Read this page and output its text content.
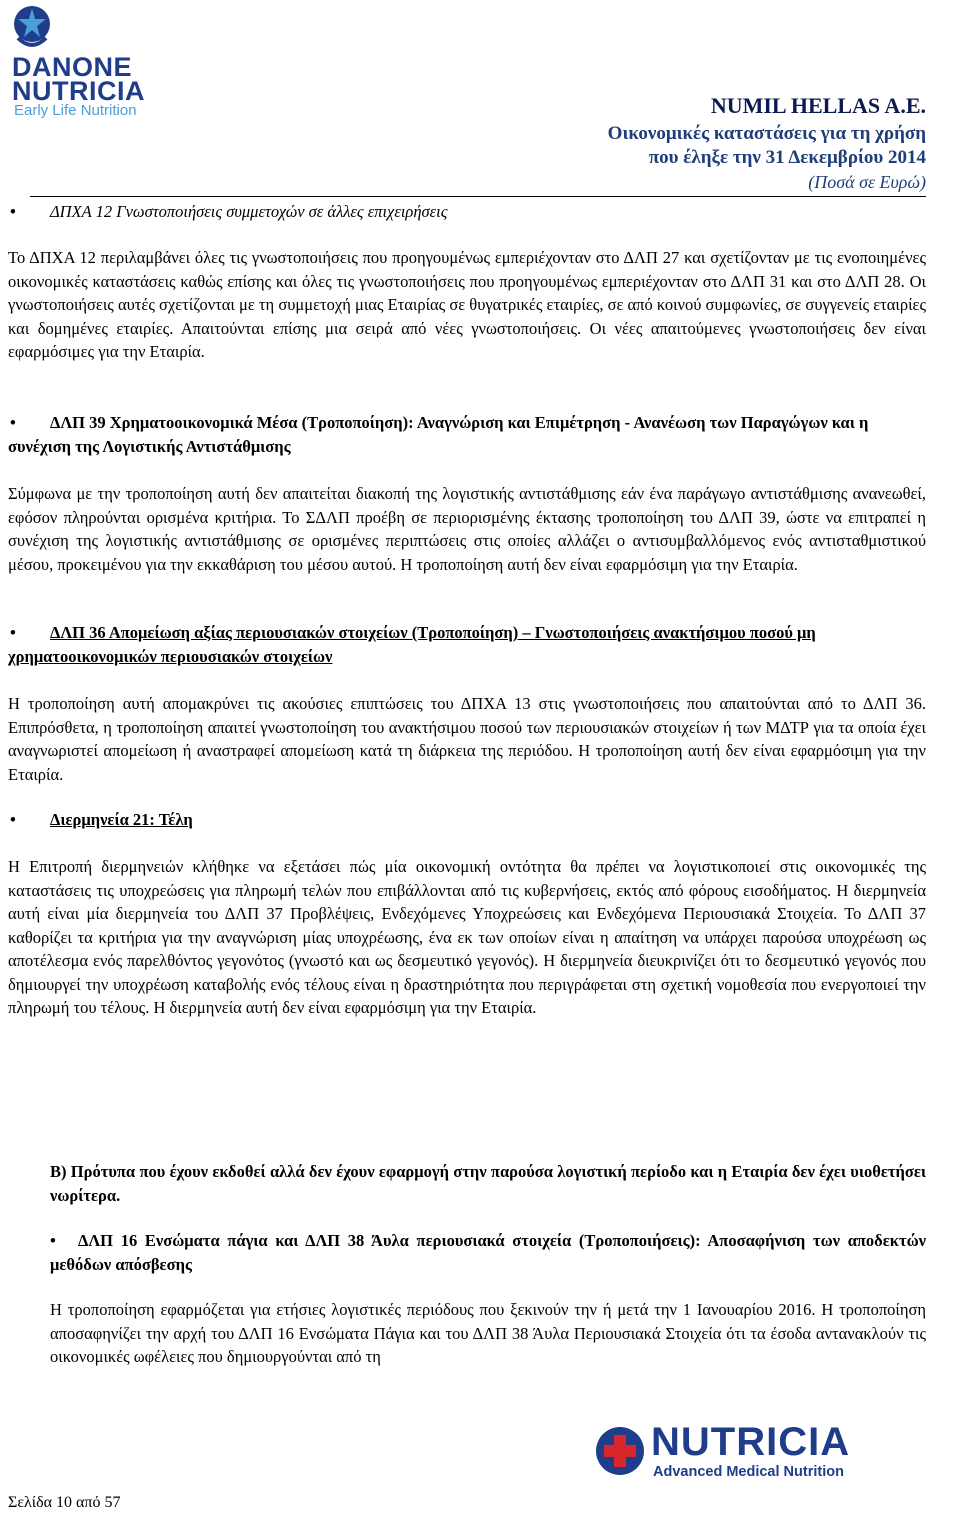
DANONE
NUTRICIA
Early Life Nutrition	NUMIL HELLAS A.E.
Οικονομικές καταστάσεις για τη χρήση
που έληξε την 31 Δεκεμβρίου 2014
(Ποσά σε Ευρώ)
•	ΔΠΧΑ 12 Γνωστοποιήσεις συμμετοχών σε άλλες επιχειρήσεις
Το ΔΠΧΑ 12 περιλαμβάνει όλες τις γνωστοποιήσεις που προηγουμένως εμπεριέχονταν στο ΔΛΠ 27 και σχετίζονταν με τις ενοποιημένες οικονομικές καταστάσεις καθώς επίσης και όλες τις γνωστοποιήσεις που προηγουμένως εμπεριέχονταν στο ΔΛΠ 31 και στο ΔΛΠ 28. Οι γνωστοποιήσεις αυτές σχετίζονται με τη συμμετοχή μιας Εταιρίας σε θυγατρικές εταιρίες, σε από κοινού συμφωνίες, σε συγγενείς εταιρίες και δομημένες εταιρίες. Απαιτούνται επίσης μια σειρά από νέες γνωστοποιήσεις. Οι νέες απαιτούμενες γνωστοποιήσεις δεν είναι εφαρμόσιμες για την Εταιρία.
•	ΔΛΠ 39 Χρηματοοικονομικά Μέσα (Τροποποίηση): Αναγνώριση και Επιμέτρηση - Ανανέωση των Παραγώγων και η συνέχιση της Λογιστικής Αντιστάθμισης
Σύμφωνα με την τροποποίηση αυτή δεν απαιτείται διακοπή της λογιστικής αντιστάθμισης εάν ένα παράγωγο αντιστάθμισης ανανεωθεί, εφόσον πληρούνται ορισμένα κριτήρια. Το ΣΔΛΠ προέβη σε περιορισμένης έκτασης τροποποίηση του ΔΛΠ 39, ώστε να επιτραπεί η συνέχιση της λογιστικής αντιστάθμισης σε ορισμένες περιπτώσεις στις οποίες αλλάζει ο αντισυμβαλλόμενος ενός αντισταθμιστικού μέσου, προκειμένου για την εκκαθάριση του μέσου αυτού. Η τροποποίηση αυτή δεν είναι εφαρμόσιμη για την Εταιρία.
•	ΔΛΠ 36 Απομείωση αξίας περιουσιακών στοιχείων (Τροποποίηση) – Γνωστοποιήσεις ανακτήσιμου ποσού μη χρηματοοικονομικών περιουσιακών στοιχείων
Η τροποποίηση αυτή απομακρύνει τις ακούσιες επιπτώσεις του ΔΠΧΑ 13 στις γνωστοποιήσεις που απαιτούνται από το ΔΛΠ 36. Επιπρόσθετα, η τροποποίηση απαιτεί γνωστοποίηση του ανακτήσιμου ποσού των περιουσιακών στοιχείων ή των ΜΔΤΡ για τα οποία έχει αναγνωριστεί απομείωση ή αναστραφεί απομείωση κατά τη διάρκεια της περιόδου. Η τροποποίηση αυτή δεν είναι εφαρμόσιμη για την Εταιρία.
•	Διερμηνεία 21: Τέλη
Η Επιτροπή διερμηνειών κλήθηκε να εξετάσει πώς μία οικονομική οντότητα θα πρέπει να λογιστικοποιεί στις οικονομικές της καταστάσεις τις υποχρεώσεις για πληρωμή τελών που επιβάλλονται από τις κυβερνήσεις, εκτός από φόρους εισοδήματος. Η διερμηνεία αυτή είναι μία διερμηνεία του ΔΛΠ 37 Προβλέψεις, Ενδεχόμενες Υποχρεώσεις και Ενδεχόμενα Περιουσιακά Στοιχεία. Το ΔΛΠ 37 καθορίζει τα κριτήρια για την αναγνώριση μίας υποχρέωσης, ένα εκ των οποίων είναι η απαίτηση να υπάρχει παρούσα υποχρέωση ως αποτέλεσμα ενός παρελθόντος γεγονότος (γνωστό και ως δεσμευτικό γεγονός). Η διερμηνεία διευκρινίζει ότι το δεσμευτικό γεγονός που δημιουργεί την υποχρέωση καταβολής ενός τέλους είναι η δραστηριότητα που περιγράφεται στη σχετική νομοθεσία που ενεργοποιεί την πληρωμή του τέλους. Η διερμηνεία αυτή δεν είναι εφαρμόσιμη για την Εταιρία.
Β) Πρότυπα που έχουν εκδοθεί αλλά δεν έχουν εφαρμογή στην παρούσα λογιστική περίοδο και η Εταιρία δεν έχει υιοθετήσει νωρίτερα.
•	ΔΛΠ 16 Ενσώματα πάγια και ΔΛΠ 38 Άυλα περιουσιακά στοιχεία (Τροποποιήσεις): Αποσαφήνιση των αποδεκτών μεθόδων απόσβεσης
Η τροποποίηση εφαρμόζεται για ετήσιες λογιστικές περιόδους που ξεκινούν την ή μετά την 1 Ιανουαρίου 2016. Η τροποποίηση αποσαφηνίζει την αρχή του ΔΛΠ 16 Ενσώματα Πάγια και του ΔΛΠ 38 Άυλα Περιουσιακά Στοιχεία ότι τα έσοδα αντανακλούν τις οικονομικές ωφέλειες που δημιουργούνται από τη
NUTRICIA
Advanced Medical Nutrition
Σελίδα 10 από 57
